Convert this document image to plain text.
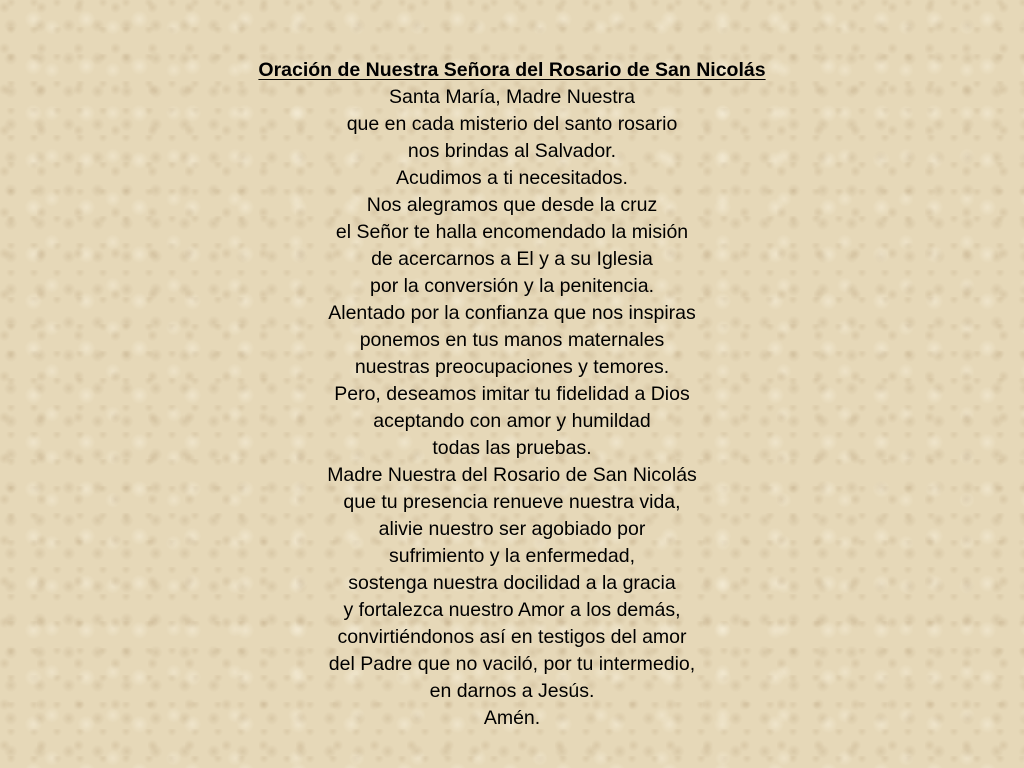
Oración de Nuestra Señora del Rosario de San Nicolás
Santa María, Madre Nuestra
que en cada misterio del santo rosario
nos brindas al Salvador.
Acudimos a ti necesitados.
Nos alegramos que desde la cruz
el Señor te halla encomendado la misión
de acercarnos a El y a su Iglesia
por la conversión y la penitencia.
Alentado por la confianza que nos inspiras
ponemos en tus manos maternales
nuestras preocupaciones y temores.
Pero, deseamos imitar tu fidelidad a Dios
aceptando con amor y humildad
todas las pruebas.
Madre Nuestra del Rosario de San Nicolás
que tu presencia renueve nuestra vida,
alivie nuestro ser agobiado por
sufrimiento y la enfermedad,
sostenga nuestra docilidad a la gracia
y fortalezca nuestro Amor a los demás,
convirtiéndonos así en testigos del amor
del Padre que no vaciló, por tu intermedio,
en darnos a Jesús.
Amén.
